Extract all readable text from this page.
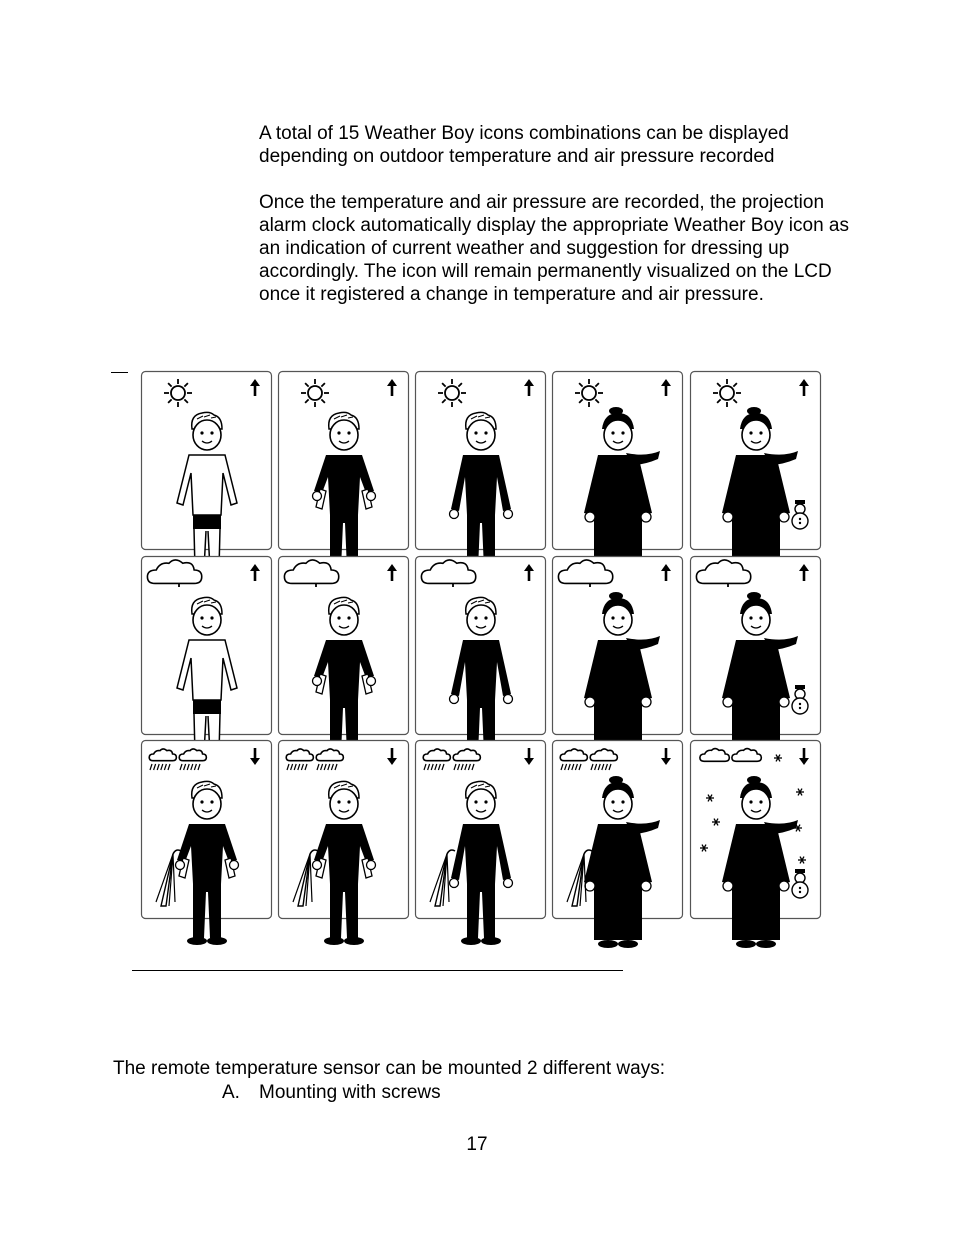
A total of 15 Weather Boy icons combinations can be displayed depending on outdoor temperature and air pressure recorded

Once the temperature and air pressure are recorded, the projection alarm clock automatically display the appropriate Weather Boy icon as an indication of current weather and suggestion for dressing up accordingly. The icon will remain permanently visualized on the LCD once it registered a change in temperature and air pressure.

The remote temperature sensor can be mounted 2 different ways:
A. Mounting with screws
17
